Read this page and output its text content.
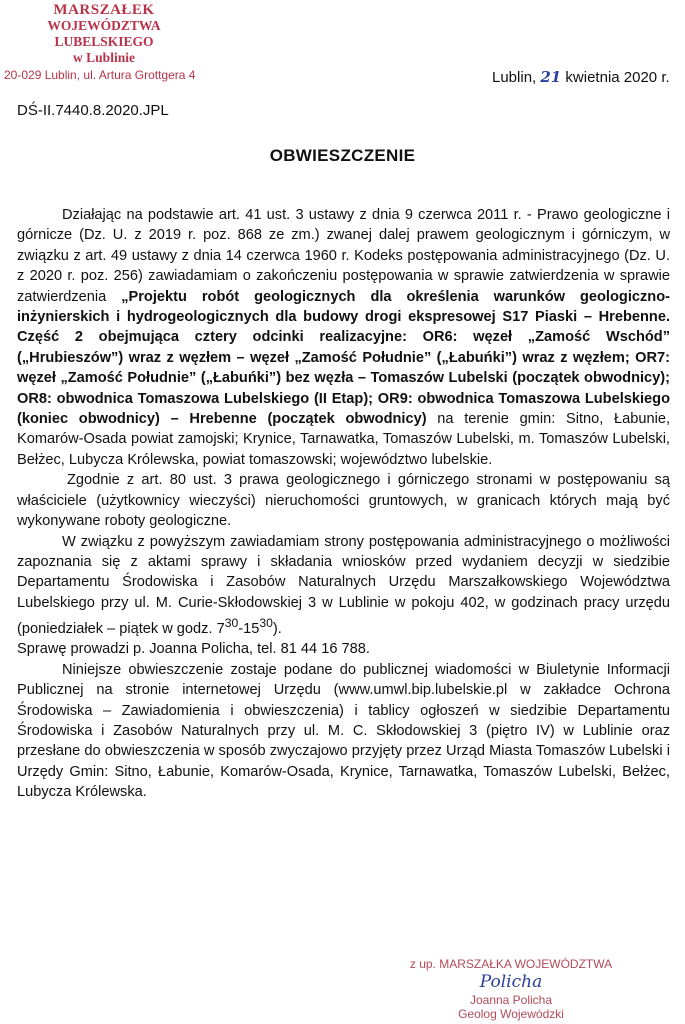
MARSZAŁEK
WOJEWÓDZTWA LUBELSKIEGO
w Lublinie
20-029 Lublin, ul. Artura Grottgera 4	Lublin, 21 kwietnia 2020 r.
DŚ-II.7440.8.2020.JPL
OBWIESZCZENIE

Działając na podstawie art. 41 ust. 3 ustawy z dnia 9 czerwca 2011 r. - Prawo geologiczne i górnicze (Dz. U. z 2019 r. poz. 868 ze zm.) zwanej dalej prawem geologicznym i górniczym, w związku z art. 49 ustawy z dnia 14 czerwca 1960 r. Kodeks postępowania administracyjnego (Dz. U. z 2020 r. poz. 256) zawiadamiam o zakończeniu postępowania w sprawie zatwierdzenia w sprawie zatwierdzenia „Projektu robót geologicznych dla określenia warunków geologiczno-inżynierskich i hydrogeologicznych dla budowy drogi ekspresowej S17 Piaski – Hrebenne. Część 2 obejmująca cztery odcinki realizacyjne: OR6: węzeł „Zamość Wschód” („Hrubieszów”) wraz z węzłem – węzeł „Zamość Południe” („Łabuńki”) wraz z węzłem; OR7: węzeł „Zamość Południe” („Łabuńki”) bez węzła – Tomaszów Lubelski (początek obwodnicy); OR8: obwodnica Tomaszowa Lubelskiego (II Etap); OR9: obwodnica Tomaszowa Lubelskiego (koniec obwodnicy) – Hrebenne (początek obwodnicy) na terenie gmin: Sitno, Łabunie, Komarów-Osada powiat zamojski; Krynice, Tarnawatka, Tomaszów Lubelski, m. Tomaszów Lubelski, Bełżec, Lubycza Królewska, powiat tomaszowski; województwo lubelskie.

Zgodnie z art. 80 ust. 3 prawa geologicznego i górniczego stronami w postępowaniu są właściciele (użytkownicy wieczyści) nieruchomości gruntowych, w granicach których mają być wykonywane roboty geologiczne.

W związku z powyższym zawiadamiam strony postępowania administracyjnego o możliwości zapoznania się z aktami sprawy i składania wniosków przed wydaniem decyzji w siedzibie Departamentu Środowiska i Zasobów Naturalnych Urzędu Marszałkowskiego Województwa Lubelskiego przy ul. M. Curie-Skłodowskiej 3 w Lublinie w pokoju 402, w godzinach pracy urzędu (poniedziałek – piątek w godz. $7^{30}-15^{30}$).

Sprawę prowadzi p. Joanna Policha, tel. 81 44 16 788.

Niniejsze obwieszczenie zostaje podane do publicznej wiadomości w Biuletynie Informacji Publicznej na stronie internetowej Urzędu (www.umwl.bip.lubelskie.pl w zakładce Ochrona Środowiska – Zawiadomienia i obwieszczenia) i tablicy ogłoszeń w siedzibie Departamentu Środowiska i Zasobów Naturalnych przy ul. M. C. Skłodowskiej 3 (piętro IV) w Lublinie oraz przesłane do obwieszczenia w sposób zwyczajowo przyjęty przez Urząd Miasta Tomaszów Lubelski i Urzędy Gmin: Sitno, Łabunie, Komarów-Osada, Krynice, Tarnawatka, Tomaszów Lubelski, Bełżec, Lubycza Królewska.

z up. MARSZAŁKA WOJEWÓDZTWA
Policha
Joanna Policha
Geolog Wojewódzki
